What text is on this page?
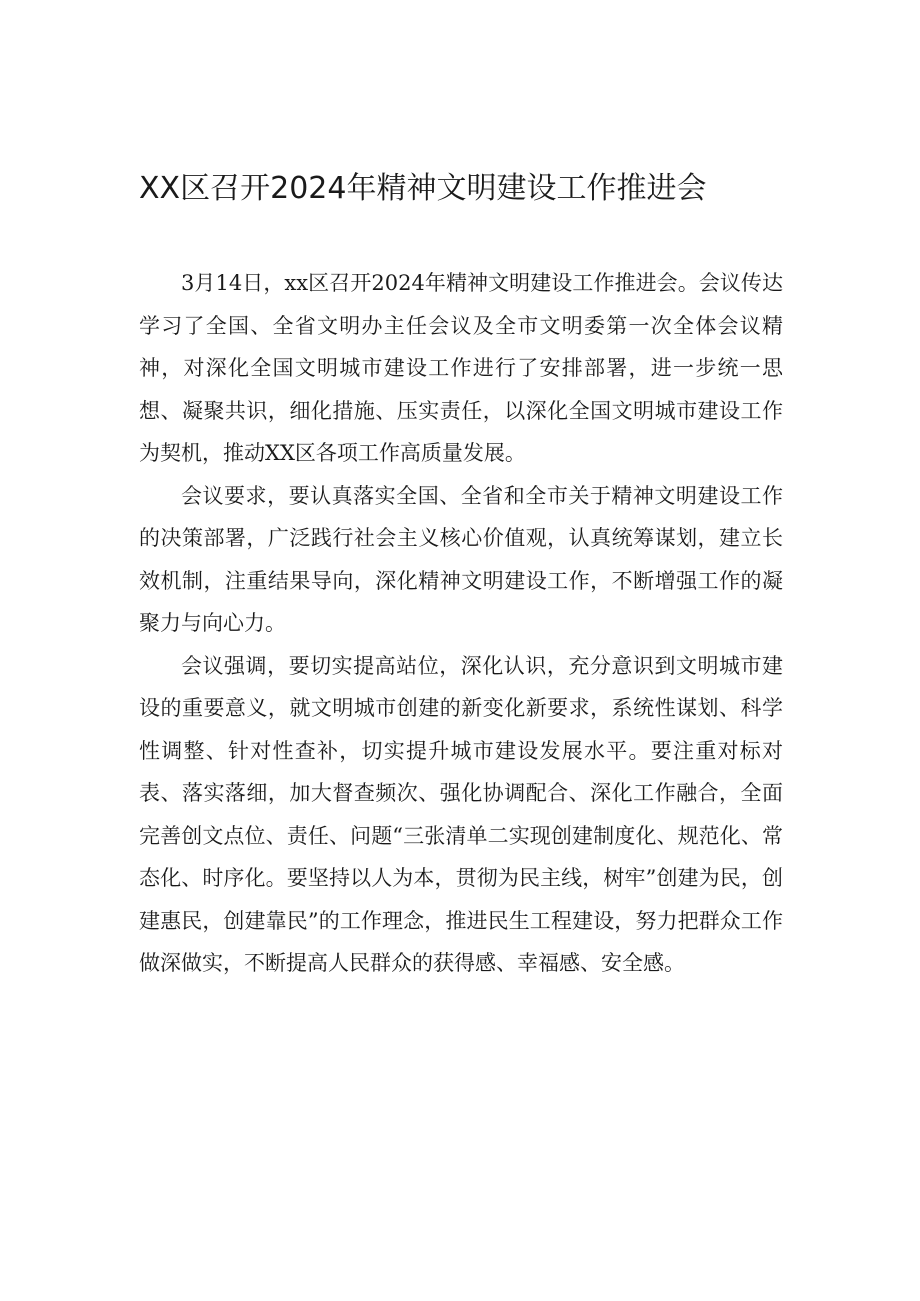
XX区召开2024年精神文明建设工作推进会

3月14日，xx区召开2024年精神文明建设工作推进会。会议传达学习了全国、全省文明办主任会议及全市文明委第一次全体会议精神，对深化全国文明城市建设工作进行了安排部署，进一步统一思想、凝聚共识，细化措施、压实责任，以深化全国文明城市建设工作为契机，推动XX区各项工作高质量发展。

会议要求，要认真落实全国、全省和全市关于精神文明建设工作的决策部署，广泛践行社会主义核心价值观，认真统筹谋划，建立长效机制，注重结果导向，深化精神文明建设工作，不断增强工作的凝聚力与向心力。

会议强调，要切实提高站位，深化认识，充分意识到文明城市建设的重要意义，就文明城市创建的新变化新要求，系统性谋划、科学性调整、针对性查补，切实提升城市建设发展水平。要注重对标对表、落实落细，加大督查频次、强化协调配合、深化工作融合，全面完善创文点位、责任、问题“三张清单二实现创建制度化、规范化、常态化、时序化。要坚持以人为本，贯彻为民主线，树牢”创建为民，创建惠民，创建靠民”的工作理念，推进民生工程建设，努力把群众工作做深做实，不断提高人民群众的获得感、幸福感、安全感。
